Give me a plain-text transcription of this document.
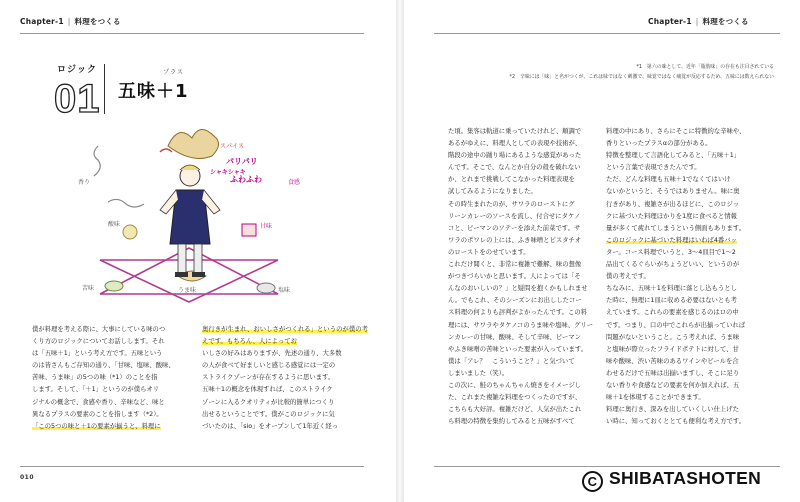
Chapter-1 | 料理をつくる
ロジック
01
プラス
五味＋1
スパイス
香り	食感
酸味	甘味
苦味	塩味
うま味
シャキシャキ
パリパリ
ふわふわ

僕が料理を考える際に、大事にしている味のつ

くり方のロジックについてお話しします。それ

は「五味＋1」という考え方です。五味という

のは皆さんもご存知の通り、「甘味、塩味、酸味、

苦味、うま味」の5つの味（*1）のことを指

します。そして、「＋1」というのが僕らオリ

ジナルの概念で、食感や香り、辛味など、味と

異なるプラスの要素のことを指します（*2）。

「この5つの味と＋1の要素が揃うと、料理に

奥行きが生まれ、おいしさがつくれる」というのが僕の考えです。もちろん、人によってお

いしさの好みはありますが、先述の通り、大多数

の人が食べて好ましいと感じる感覚には一定の

ストライクゾーンが存在するように思います。

五味＋1の概念を体現すれば、このストライク

ゾーンに入るクオリティが比較的簡単につくり

出せるということです。僕がこのロジックに気

づいたのは、「sio」をオープンして1年近く経っ

010
Chapter-1 | 料理をつくる
*1　第六の味として、近年「脂肪味」の存在も注目されている
*2　辛味には「味」と名がつくが、これは味ではなく刺激で、味覚ではなく痛覚が反応するため、五味には数えられない

た頃。集客は軌道に乗っていたけれど、順調で

あるがゆえに、料理人としての表現や技術が、

階段の途中の踊り場にあるような感覚があった

んです。そこで、なんとか自分の殻を破れない

か、とれまで挑戦してこなかった料理表現を

試してみるようになりました。

その時生まれたのが、サワラのローストにグ

リーンカレーのソースを流し、付合せにタケノ

コと、ピーマンのソテーを添えた前菜です。サ

ワラのポワレの上には、ふき味噌とピスタチオ

のローストをのせています。

これだけ聞くと、非常に複雑で難解、味の想像

がつきづらいかと思います。人によっては「そ

んなのおいしいの？」と疑問を抱くかもしれませ

ん。でもこれ、そのシーズンにお出ししたコー

ス料理の何よりも評判がよかったんです。この料

理には、サワラやタケノコのうま味や塩味、グリー

ンカレーの甘味、酸味、そして辛味、ピーマン

やふき味噌の苦味といった要素が入っています。

僕は「アレ？　こういうこと？」と気づいて

しまいました（笑）。

この次に、鮭のちゃんちゃん焼きをイメージし

た、これまた複雑な料理をつくったのですが、

こちらも大好評。複雑だけど、人気が出たこれ

ら料理の特徴を集約してみると五味がすべて

料理の中にあり、さらにそこに特徴的な辛味や、

香りといったプラスαの部分がある。

特徴を整理して言語化してみると、「五味＋1」

という言葉で表現できたんです。

ただ、どんな料理も五味＋1でなくてはいけ

ないかというと、そうではありません。味に奥

行きがあり、複雑さが出るほどに、このロジッ

クに基づいた料理ほかりを1度に食べると情報

量が多くて疲れてしまうという側面もあります。

このロジックに基づいた料理はいわば4番バッ

ター。コース料理でいうと、3～4皿目で1～2

品出てくるぐらいがちょうどいい、というのが

僕の考えです。

ちなみに、五味＋1を料理に落とし込もうとし

た時に、無理に1皿に収める必要はないとも考

えています。これらの要素を感じるのはロの中

です。つまり、口の中でこれらが出揃っていれば

問題がないということ。こう考えれば、うま味

と塩味が際立ったフライドポテトに対して、甘

味や酸味、渋い苦味のあるワインやビールを合

わせるだけで五味は出揃いますし、そこに足り

ない香りや食感などの要素を何か加えれば、五

味＋1を体現することができます。

料理に奥行き、深みを出していくしい仕上げた

い時に、知っておくととても便利な考え方です。

C SHIBATASHOTEN
